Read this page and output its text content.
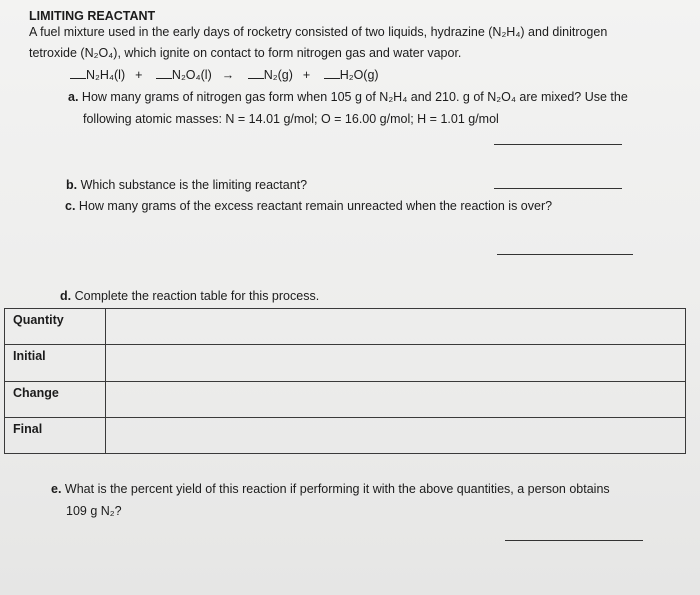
LIMITING REACTANT
A fuel mixture used in the early days of rocketry consisted of two liquids, hydrazine (N₂H₄) and dinitrogen
tetroxide (N₂O₄), which ignite on contact to form nitrogen gas and water vapor.
N₂H₄(l) + N₂O₄(l) → N₂(g) + H₂O(g)
a. How many grams of nitrogen gas form when 105 g of N₂H₄ and 210. g of N₂O₄ are mixed? Use the
following atomic masses: N = 14.01 g/mol; O = 16.00 g/mol; H = 1.01 g/mol
b. Which substance is the limiting reactant?
c. How many grams of the excess reactant remain unreacted when the reaction is over?
d. Complete the reaction table for this process.
Quantity	
Initial	
Change	
Final	
e. What is the percent yield of this reaction if performing it with the above quantities, a person obtains
109 g N₂?
